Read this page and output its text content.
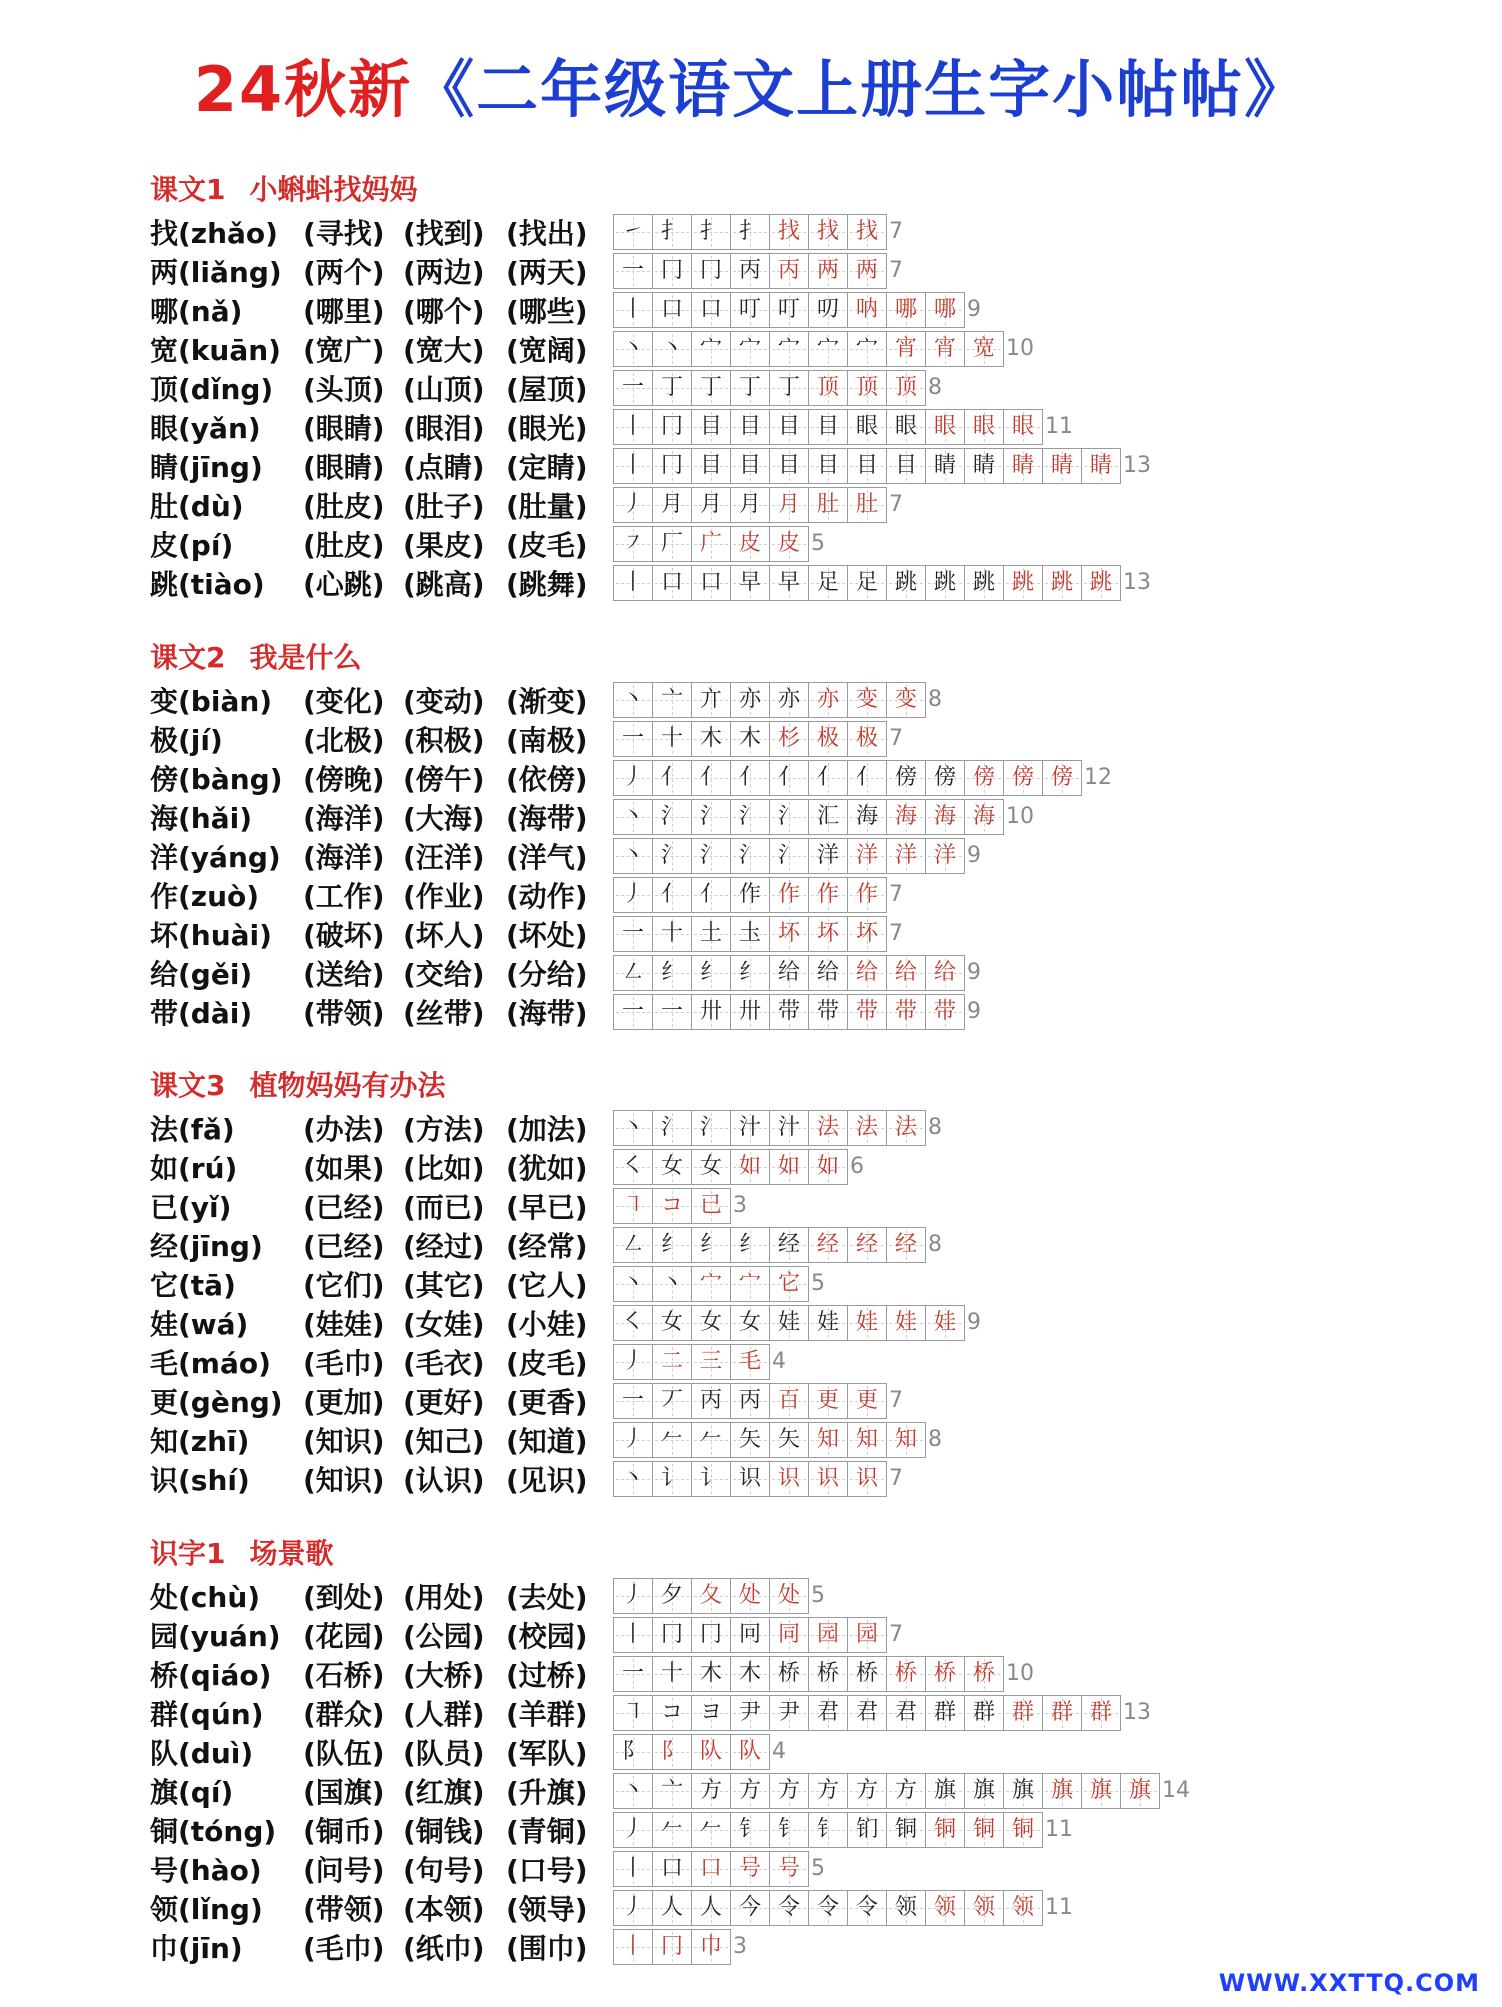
24秋新《二年级语文上册生字小帖帖》
课文1 小蝌蚪找妈妈
找(zhǎo) (寻找) (找到) (找出)	㇀ 扌 扌 扌 找 找 找 7
两(liǎng) (两个) (两边) (两天)	一 冂 冂 丙 丙 两 两 7
哪(nǎ)	(哪里) (哪个) (哪些)	丨 口 口 叮 叮 叨 呐 哪 哪 9
宽(kuān) (宽广) (宽大) (宽阔)	丶 丶 宀 宀 宀 宀 宀 宵 宵 宽 10
顶(dǐng)	(头顶) (山顶) (屋顶)	一 丁 丁 丁 丁 顶 顶 顶 8
眼(yǎn)	(眼睛) (眼泪) (眼光)	丨 冂 目 目 目 目 眼 眼 眼 眼 眼 11
睛(jīng)	(眼睛) (点睛) (定睛)	丨 冂 目 目 目 目 目 目 睛 睛 睛 睛 睛 13
肚(dù)	(肚皮) (肚子) (肚量)	丿 月 月 月 月 肚 肚 7
皮(pí)	(肚皮) (果皮) (皮毛)	㇇ 厂 广 皮 皮 5
跳(tiào)	(心跳) (跳高) (跳舞)	丨 口 口 早 早 足 足 跳 跳 跳 跳 跳 跳 13
课文2 我是什么
变(biàn)	(变化) (变动) (渐变)	丶 亠 亣 亦 亦 亦 变 变 8
极(jí)	(北极) (积极) (南极)	一 十 木 木 杉 极 极 7
傍(bàng) (傍晚) (傍午) (依傍)	丿 亻 亻 亻 亻 亻 亻 傍 傍 傍 傍 傍 12
海(hǎi)	(海洋) (大海) (海带)	丶 氵 氵 氵 氵 汇 海 海 海 海 10
洋(yáng) (海洋) (汪洋) (洋气)	丶 氵 氵 氵 氵 洋 洋 洋 洋 9
作(zuò)	(工作) (作业) (动作)	丿 亻 亻 作 作 作 作 7
坏(huài)	(破坏) (坏人) (坏处)	一 十 土 圡 坏 坏 坏 7
给(gěi)	(送给) (交给) (分给)	㇜ 纟 纟 纟 给 给 给 给 给 9
带(dài)	(带领) (丝带) (海带)	一 一 卅 卅 带 带 带 带 带 9
课文3 植物妈妈有办法
法(fǎ)	(办法) (方法) (加法)	丶 氵 氵 汁 汁 法 法 法 8
如(rú)	(如果) (比如) (犹如)	㇛ 女 女 如 如 如 6
已(yǐ)	(已经) (而已) (早已)	㇕ コ 已 3
经(jīng)	(已经) (经过) (经常)	㇜ 纟 纟 纟 经 经 经 经 8
它(tā)	(它们) (其它) (它人)	丶 丶 宀 宀 它 5
娃(wá)	(娃娃) (女娃) (小娃)	㇛ 女 女 女 娃 娃 娃 娃 娃 9
毛(máo)	(毛巾) (毛衣) (皮毛)	丿 二 三 毛 4
更(gèng) (更加) (更好) (更香)	一 丆 丙 丙 百 更 更 7
知(zhī)	(知识) (知己) (知道)	丿 𠂉 𠂉 矢 矢 知 知 知 8
识(shí)	(知识) (认识) (见识)	丶 讠 讠 识 识 识 识 7
识字1 场景歌
处(chù)	(到处) (用处) (去处)	丿 夕 夂 处 处 5
园(yuán) (花园) (公园) (校园)	丨 冂 冂 冋 同 园 园 7
桥(qiáo)	(石桥) (大桥) (过桥)	一 十 木 木 桥 桥 桥 桥 桥 桥 10
群(qún)	(群众) (人群) (羊群)	㇕ コ ヨ 尹 尹 君 君 君 群 群 群 群 群 13
队(duì)	(队伍) (队员) (军队)	阝 阝 队 队 4
旗(qí)	(国旗) (红旗) (升旗)	丶 亠 方 方 方 方 方 方 旗 旗 旗 旗 旗 旗 14
铜(tóng) (铜币) (铜钱) (青铜)	丿 𠂉 𠂉 钅 钅 钅 钔 铜 铜 铜 铜 11
号(hào)	(问号) (句号) (口号)	丨 口 口 号 号 5
领(lǐng)	(带领) (本领) (领导)	丿 人 人 今 令 令 令 领 领 领 领 11
巾(jīn)	(毛巾) (纸巾) (围巾)	丨 冂 巾 3
WWW.XXTTQ.COM
